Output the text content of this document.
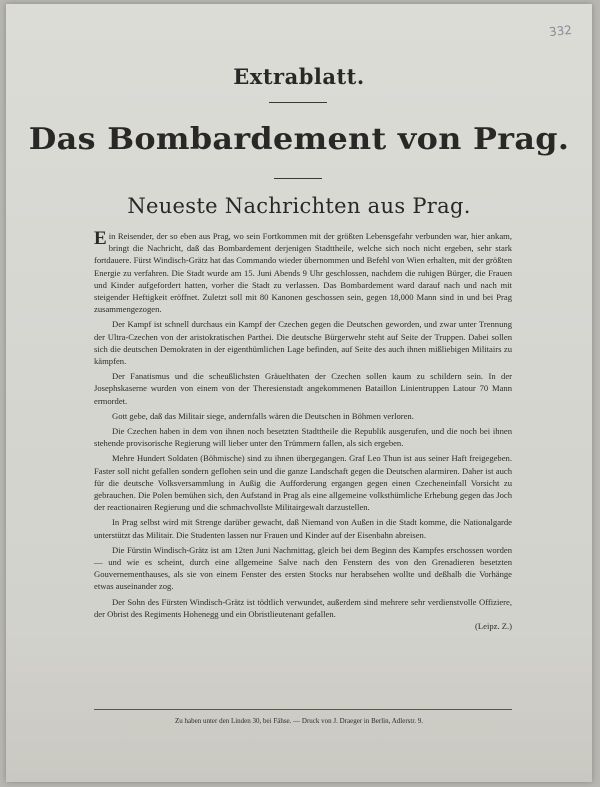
332
Extrablatt.
Das Bombardement von Prag.
Neueste Nachrichten aus Prag.

Ein Reisender, der so eben aus Prag, wo sein Fortkommen mit der größten Lebensgefahr verbunden war, hier ankam, bringt die Nachricht, daß das Bombardement derjenigen Stadttheile, welche sich noch nicht ergeben, sehr stark fortdauere. Fürst Windisch-Grätz hat das Commando wieder übernommen und Befehl von Wien erhalten, mit der größten Energie zu verfahren. Die Stadt wurde am 15. Juni Abends 9 Uhr geschlossen, nachdem die ruhigen Bürger, die Frauen und Kinder aufgefordert hatten, vorher die Stadt zu verlassen. Das Bombardement ward darauf nach und nach mit steigender Heftigkeit eröffnet. Zuletzt soll mit 80 Kanonen geschossen sein, gegen 18,000 Mann sind in und bei Prag zusammengezogen.

Der Kampf ist schnell durchaus ein Kampf der Czechen gegen die Deutschen geworden, und zwar unter Trennung der Ultra-Czechen von der aristokratischen Parthei. Die deutsche Bürgerwehr steht auf Seite der Truppen. Dabei sollen sich die deutschen Demokraten in der eigenthümlichen Lage befinden, auf Seite des auch ihnen mißliebigen Militairs zu kämpfen.

Der Fanatismus und die scheußlichsten Gräuelthaten der Czechen sollen kaum zu schildern sein. In der Josephskaserne wurden von einem von der Theresienstadt angekommenen Bataillon Linientruppen Latour 70 Mann ermordet.

Gott gebe, daß das Militair siege, andernfalls wären die Deutschen in Böhmen verloren.

Die Czechen haben in dem von ihnen noch besetzten Stadttheile die Republik ausgerufen, und die noch bei ihnen stehende provisorische Regierung will lieber unter den Trümmern fallen, als sich ergeben.

Mehre Hundert Soldaten (Böhmische) sind zu ihnen übergegangen. Graf Leo Thun ist aus seiner Haft freigegeben. Faster soll nicht gefallen sondern geflohen sein und die ganze Landschaft gegen die Deutschen alarmiren. Daher ist auch für die deutsche Volksversammlung in Außig die Aufforderung ergangen gegen einen Czecheneinfall Vorsicht zu gebrauchen. Die Polen bemühen sich, den Aufstand in Prag als eine allgemeine volksthümliche Erhebung gegen das Joch der reactionairen Regierung und die schmachvollste Militairgewalt darzustellen.

In Prag selbst wird mit Strenge darüber gewacht, daß Niemand von Außen in die Stadt komme, die Nationalgarde unterstützt das Militair. Die Studenten lassen nur Frauen und Kinder auf der Eisenbahn abreisen.

Die Fürstin Windisch-Grätz ist am 12ten Juni Nachmittag, gleich bei dem Beginn des Kampfes erschossen worden — und wie es scheint, durch eine allgemeine Salve nach den Fenstern des von den Grenadieren besetzten Gouvernementhauses, als sie von einem Fenster des ersten Stocks nur herabsehen wollte und deßhalb die Vorhänge etwas auseinander zog.

Der Sohn des Fürsten Windisch-Grätz ist tödtlich verwundet, außerdem sind mehrere sehr verdienstvolle Offiziere, der Obrist des Regiments Hohenegg und ein Obristlieutenant gefallen.
(Leipz. Z.)

Zu haben unter den Linden 30, bei Fähse. — Druck von J. Draeger in Berlin, Adlerstr. 9.
